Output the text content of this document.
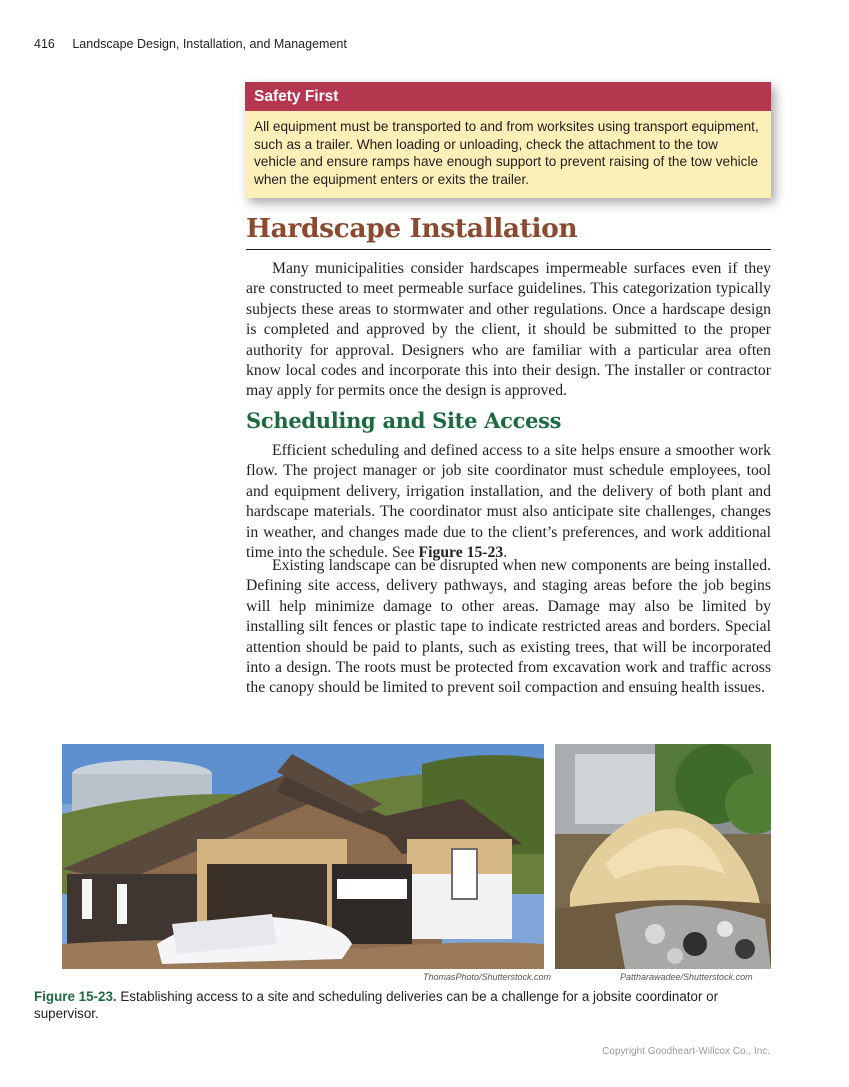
416 Landscape Design, Installation, and Management
Safety First
All equipment must be transported to and from worksites using transport equipment, such as a trailer. When loading or unloading, check the attachment to the tow vehicle and ensure ramps have enough support to prevent raising of the tow vehicle when the equipment enters or exits the trailer.
Hardscape Installation

Many municipalities consider hardscapes impermeable surfaces even if they are constructed to meet permeable surface guidelines. This categorization typically subjects these areas to stormwater and other regulations. Once a hardscape design is completed and approved by the client, it should be submitted to the proper authority for approval. Designers who are familiar with a particular area often know local codes and incorporate this into their design. The installer or contractor may apply for permits once the design is approved.

Scheduling and Site Access

Efficient scheduling and defined access to a site helps ensure a smoother work flow. The project manager or job site coordinator must schedule employees, tool and equipment delivery, irrigation installation, and the delivery of both plant and hardscape materials. The coordinator must also anticipate site challenges, changes in weather, and changes made due to the client’s preferences, and work additional time into the schedule. See Figure 15-23.

Existing landscape can be disrupted when new components are being installed. Defining site access, delivery pathways, and staging areas before the job begins will help minimize damage to other areas. Damage may also be limited by installing silt fences or plastic tape to indicate restricted areas and borders. Special attention should be paid to plants, such as existing trees, that will be incorporated into a design. The roots must be protected from excavation work and traffic across the canopy should be limited to prevent soil compaction and ensuing health issues.

ThomasPhoto/Shutterstock.com	Pattharawadee/Shutterstock.com
Figure 15-23. Establishing access to a site and scheduling deliveries can be a challenge for a jobsite coordinator or supervisor.
Copyright Goodheart-Willcox Co., Inc.
